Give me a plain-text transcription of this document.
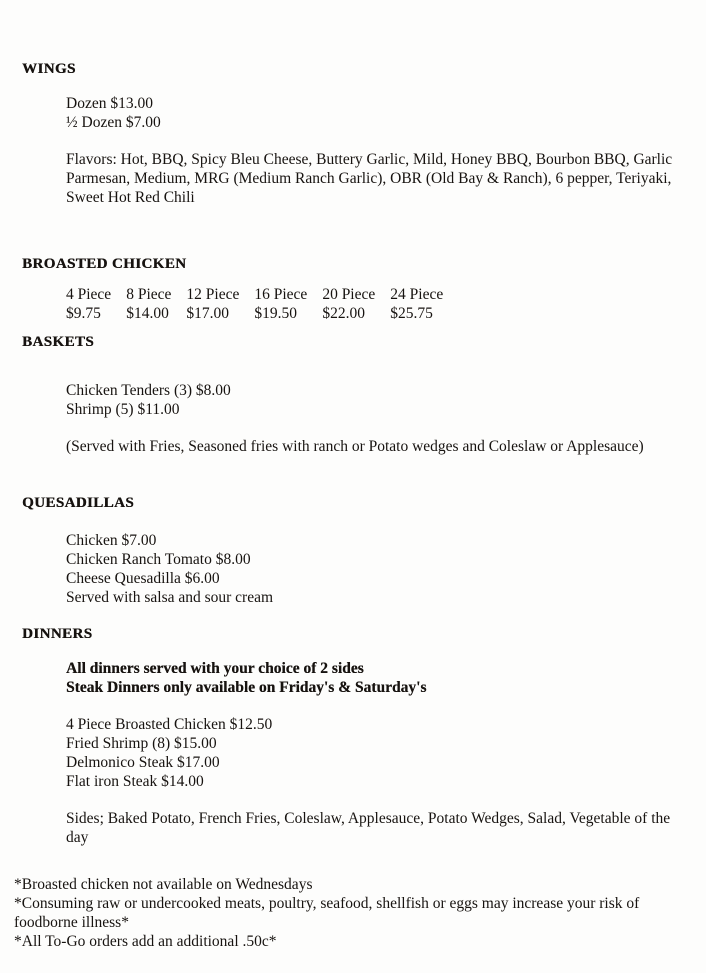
WINGS
Dozen $13.00
½ Dozen $7.00
Flavors: Hot, BBQ, Spicy Bleu Cheese, Buttery Garlic, Mild, Honey BBQ, Bourbon BBQ, Garlic Parmesan, Medium, MRG (Medium Ranch Garlic), OBR (Old Bay & Ranch), 6 pepper, Teriyaki, Sweet Hot Red Chili
BROASTED CHICKEN
4 Piece
$9.75
8 Piece
$14.00
12 Piece
$17.00
16 Piece
$19.50
20 Piece
$22.00
24 Piece
$25.75
BASKETS
Chicken Tenders (3) $8.00
Shrimp (5) $11.00
(Served with Fries, Seasoned fries with ranch or Potato wedges and Coleslaw or Applesauce)
QUESADILLAS
Chicken $7.00
Chicken Ranch Tomato $8.00
Cheese Quesadilla $6.00
Served with salsa and sour cream
DINNERS
All dinners served with your choice of 2 sides
Steak Dinners only available on Friday's & Saturday's
4 Piece Broasted Chicken $12.50
Fried Shrimp (8) $15.00
Delmonico Steak $17.00
Flat iron Steak $14.00
Sides; Baked Potato, French Fries, Coleslaw, Applesauce, Potato Wedges, Salad, Vegetable of the day
*Broasted chicken not available on Wednesdays
*Consuming raw or undercooked meats, poultry, seafood, shellfish or eggs may increase your risk of foodborne illness*
*All To-Go orders add an additional .50c*
